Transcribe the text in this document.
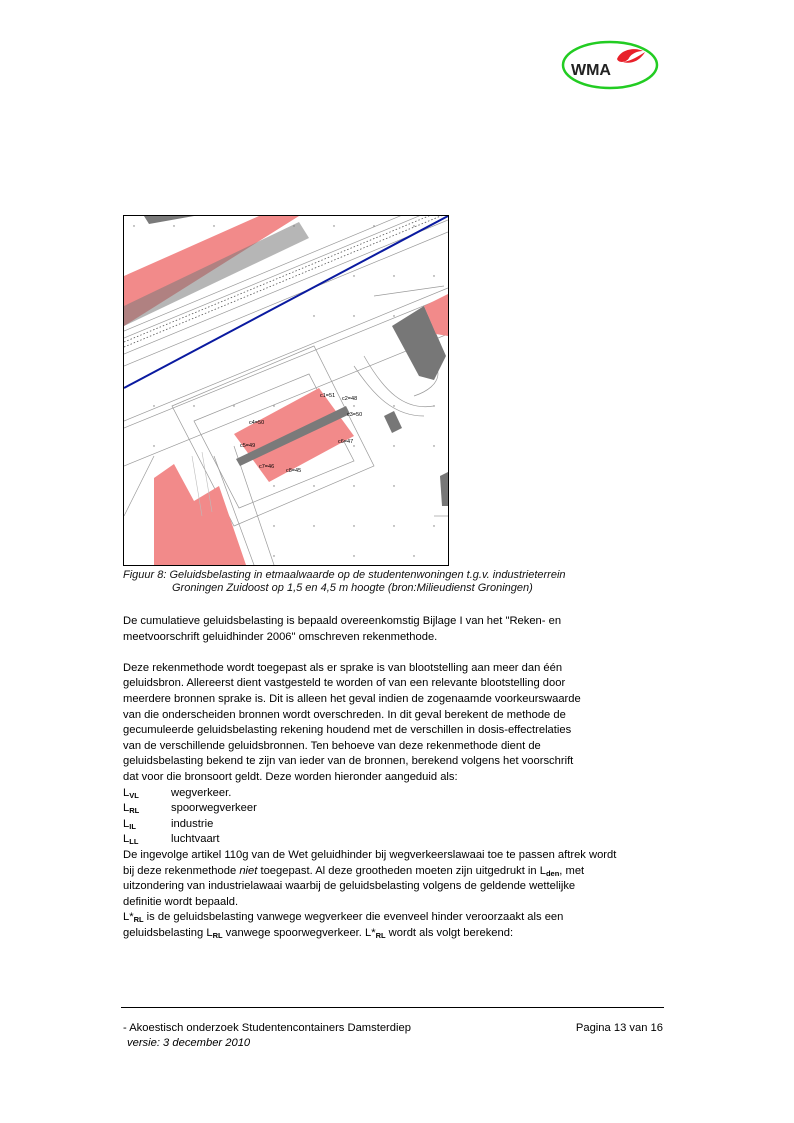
WMA
c1=51 c2=48
c3=50
c4=50
c5=49
c6=47
c7=46
c8=45
Figuur 8: Geluidsbelasting in etmaalwaarde op de studentenwoningen t.g.v. industrieterrein
Groningen Zuidoost op 1,5 en 4,5 m hoogte (bron:Milieudienst Groningen)

De cumulatieve geluidsbelasting is bepaald overeenkomstig Bijlage I van het "Reken- en

meetvoorschrift geluidhinder 2006" omschreven rekenmethode.

Deze rekenmethode wordt toegepast als er sprake is van blootstelling aan meer dan één

geluidsbron. Allereerst dient vastgesteld te worden of van een relevante blootstelling door

meerdere bronnen sprake is. Dit is alleen het geval indien de zogenaamde voorkeurswaarde

van die onderscheiden bronnen wordt overschreden. In dit geval berekent de methode de

gecumuleerde geluidsbelasting rekening houdend met de verschillen in dosis-effectrelaties

van de verschillende geluidsbronnen. Ten behoeve van deze rekenmethode dient de

geluidsbelasting bekend te zijn van ieder van de bronnen, berekend volgens het voorschrift

dat voor die bronsoort geldt. Deze worden hieronder aangeduid als:

$L_{VL}$	wegverkeer.
$L_{RL}$	spoorwegverkeer
$L_{IL}$	industrie
$L_{LL}$	luchtvaart

De ingevolge artikel 110g van de Wet geluidhinder bij wegverkeerslawaai toe te passen aftrek wordt

bij deze rekenmethode niet toegepast. Al deze grootheden moeten zijn uitgedrukt in $L_{den}$, met

uitzondering van industrielawaai waarbij de geluidsbelasting volgens de geldende wettelijke

definitie wordt bepaald.

$L*_{RL}$ is de geluidsbelasting vanwege wegverkeer die evenveel hinder veroorzaakt als een

geluidsbelasting $L_{RL}$ vanwege spoorwegverkeer. $L*_{RL}$ wordt als volgt berekend:

- Akoestisch onderzoek Studentencontainers Damsterdiep	Pagina 13 van 16
versie: 3 december 2010
